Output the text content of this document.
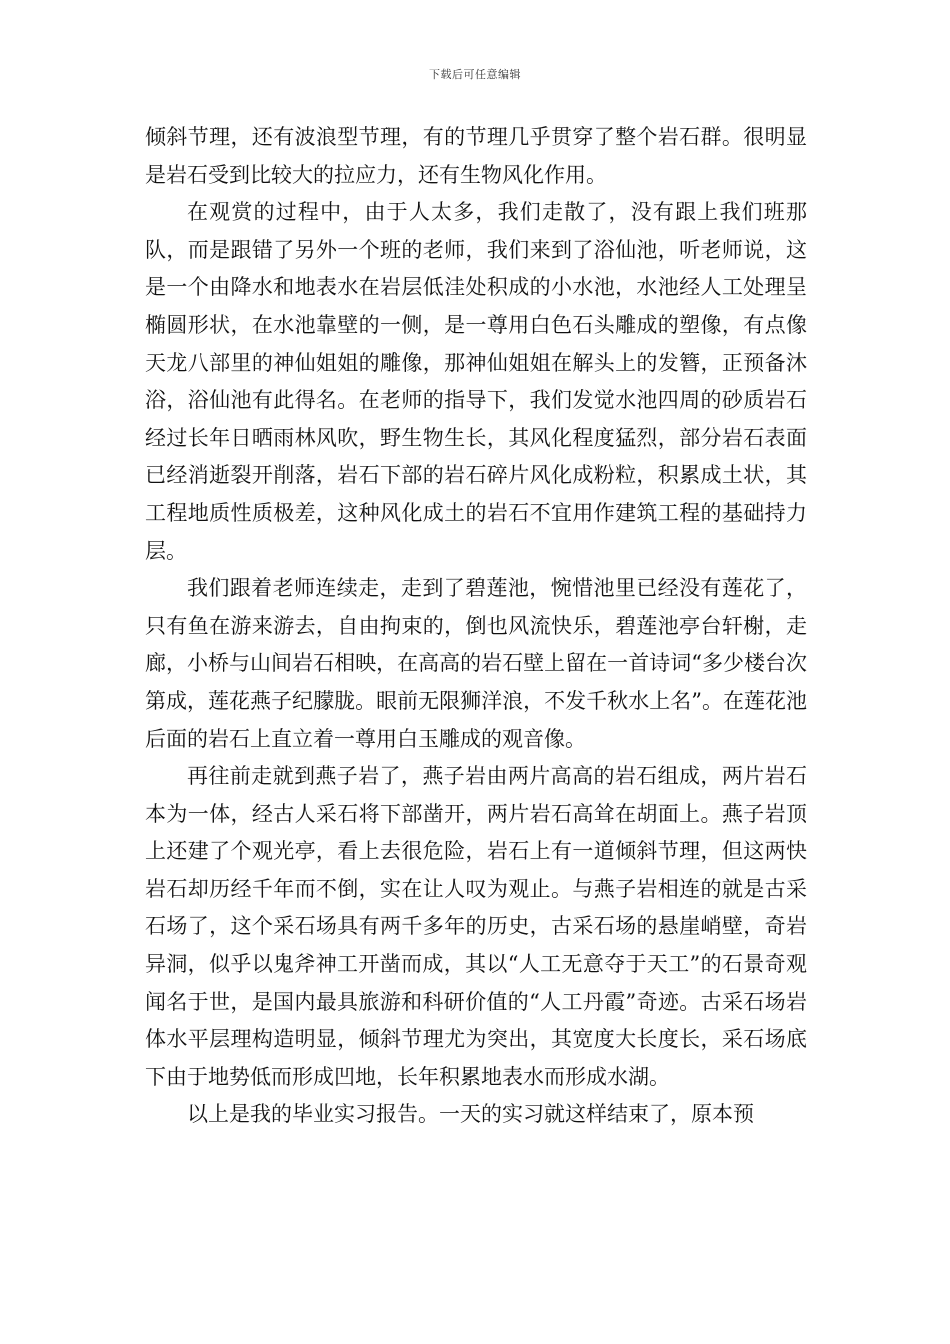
下载后可任意编辑

倾斜节理，还有波浪型节理，有的节理几乎贯穿了整个岩石群。很明显是岩石受到比较大的拉应力，还有生物风化作用。

在观赏的过程中，由于人太多，我们走散了，没有跟上我们班那队，而是跟错了另外一个班的老师，我们来到了浴仙池，听老师说，这是一个由降水和地表水在岩层低洼处积成的小水池，水池经人工处理呈椭圆形状，在水池靠壁的一侧，是一尊用白色石头雕成的塑像，有点像天龙八部里的神仙姐姐的雕像，那神仙姐姐在解头上的发簪，正预备沐浴，浴仙池有此得名。在老师的指导下，我们发觉水池四周的砂质岩石经过长年日晒雨林风吹，野生物生长，其风化程度猛烈，部分岩石表面已经消逝裂开削落，岩石下部的岩石碎片风化成粉粒，积累成土状，其工程地质性质极差，这种风化成土的岩石不宜用作建筑工程的基础持力层。

我们跟着老师连续走，走到了碧莲池，惋惜池里已经没有莲花了，只有鱼在游来游去，自由拘束的，倒也风流快乐，碧莲池亭台轩榭，走廊，小桥与山间岩石相映，在高高的岩石壁上留在一首诗词“多少楼台次第成，莲花燕子纪朦胧。眼前无限狮洋浪，不发千秋水上名”。在莲花池后面的岩石上直立着一尊用白玉雕成的观音像。

再往前走就到燕子岩了，燕子岩由两片高高的岩石组成，两片岩石本为一体，经古人采石将下部凿开，两片岩石高耸在胡面上。燕子岩顶上还建了个观光亭，看上去很危险，岩石上有一道倾斜节理，但这两快岩石却历经千年而不倒，实在让人叹为观止。与燕子岩相连的就是古采石场了，这个采石场具有两千多年的历史，古采石场的悬崖峭壁，奇岩异洞，似乎以鬼斧神工开凿而成，其以“人工无意夺于天工”的石景奇观闻名于世，是国内最具旅游和科研价值的“人工丹霞”奇迹。古采石场岩体水平层理构造明显，倾斜节理尤为突出，其宽度大长度长，采石场底下由于地势低而形成凹地，长年积累地表水而形成水湖。

以上是我的毕业实习报告。一天的实习就这样结束了，原本预
